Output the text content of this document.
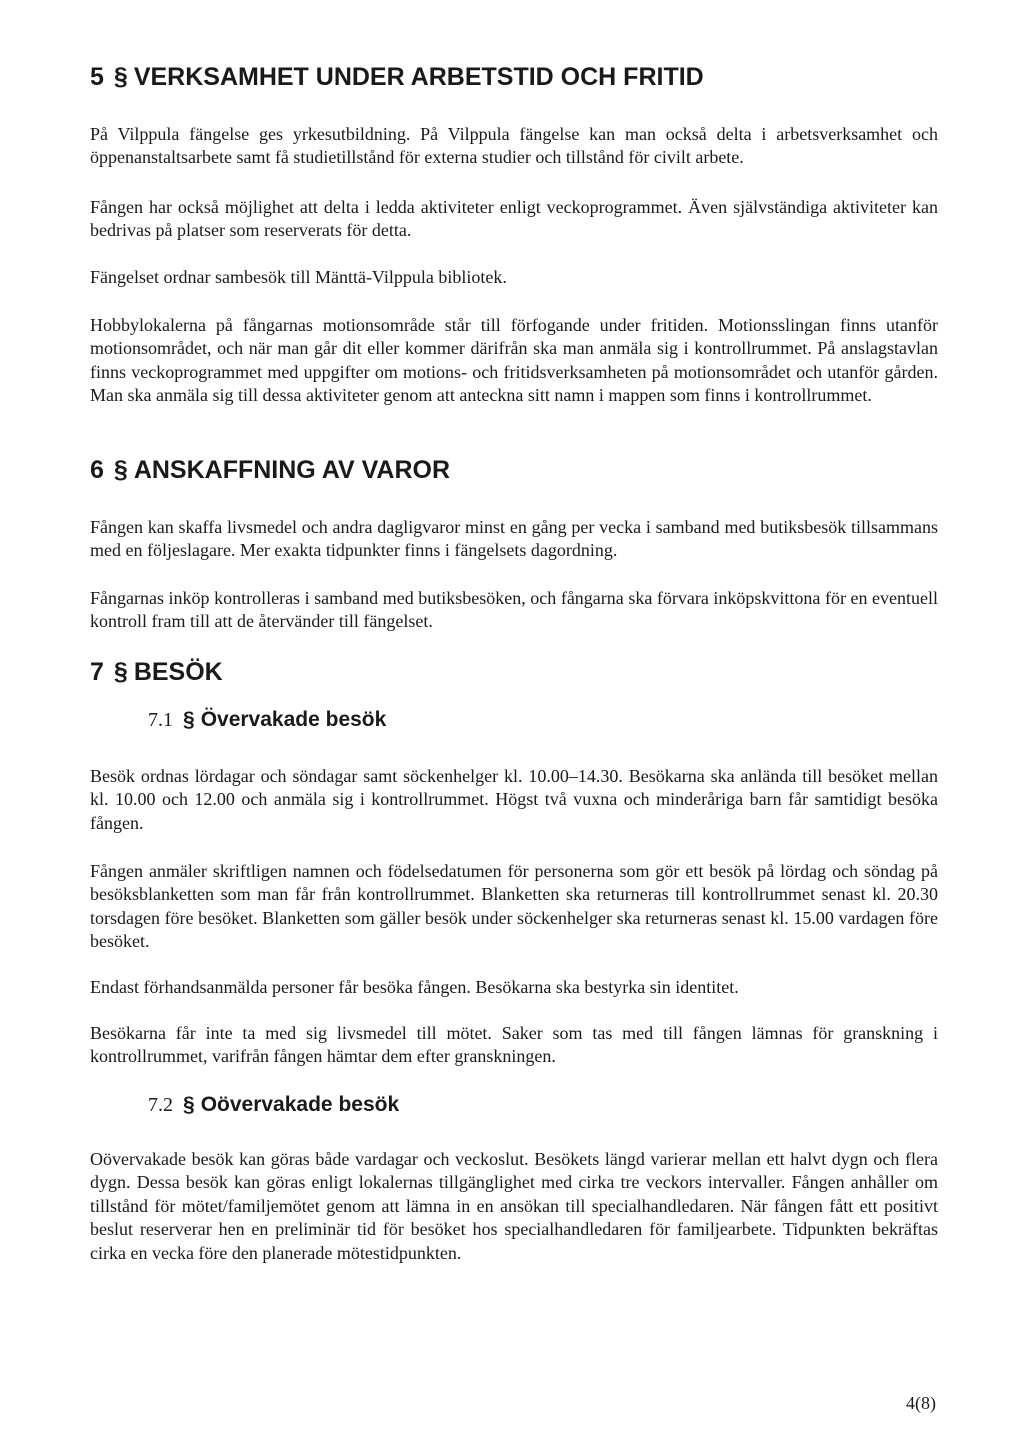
5 § VERKSAMHET UNDER ARBETSTID OCH FRITID

På Vilppula fängelse ges yrkesutbildning. På Vilppula fängelse kan man också delta i arbetsverksamhet och öppenanstaltsarbete samt få studietillstånd för externa studier och tillstånd för civilt arbete.

Fången har också möjlighet att delta i ledda aktiviteter enligt veckoprogrammet. Även självständiga aktiviteter kan bedrivas på platser som reserverats för detta.

Fängelset ordnar sambesök till Mänttä-Vilppula bibliotek.

Hobbylokalerna på fångarnas motionsområde står till förfogande under fritiden. Motionsslingan finns utanför motionsområdet, och när man går dit eller kommer därifrån ska man anmäla sig i kontrollrummet. På anslagstavlan finns veckoprogrammet med uppgifter om motions- och fritidsverksamheten på motionsområdet och utanför gården. Man ska anmäla sig till dessa aktiviteter genom att anteckna sitt namn i mappen som finns i kontrollrummet.

6 § ANSKAFFNING AV VAROR

Fången kan skaffa livsmedel och andra dagligvaror minst en gång per vecka i samband med butiksbesök tillsammans med en följeslagare. Mer exakta tidpunkter finns i fängelsets dagordning.

Fångarnas inköp kontrolleras i samband med butiksbesöken, och fångarna ska förvara inköpskvittona för en eventuell kontroll fram till att de återvänder till fängelset.

7 § BESÖK
7.1 § Övervakade besök

Besök ordnas lördagar och söndagar samt söckenhelger kl. 10.00–14.30. Besökarna ska anlända till besöket mellan kl. 10.00 och 12.00 och anmäla sig i kontrollrummet. Högst två vuxna och minderåriga barn får samtidigt besöka fången.

Fången anmäler skriftligen namnen och födelsedatumen för personerna som gör ett besök på lördag och söndag på besöksblanketten som man får från kontrollrummet. Blanketten ska returneras till kontrollrummet senast kl. 20.30 torsdagen före besöket. Blanketten som gäller besök under söckenhelger ska returneras senast kl. 15.00 vardagen före besöket.

Endast förhandsanmälda personer får besöka fången. Besökarna ska bestyrka sin identitet.

Besökarna får inte ta med sig livsmedel till mötet. Saker som tas med till fången lämnas för granskning i kontrollrummet, varifrån fången hämtar dem efter granskningen.

7.2 § Oövervakade besök

Oövervakade besök kan göras både vardagar och veckoslut. Besökets längd varierar mellan ett halvt dygn och flera dygn. Dessa besök kan göras enligt lokalernas tillgänglighet med cirka tre veckors intervaller. Fången anhåller om tillstånd för mötet/familjemötet genom att lämna in en ansökan till specialhandledaren. När fången fått ett positivt beslut reserverar hen en preliminär tid för besöket hos specialhandledaren för familjearbete. Tidpunkten bekräftas cirka en vecka före den planerade mötestidpunkten.

4(8)
